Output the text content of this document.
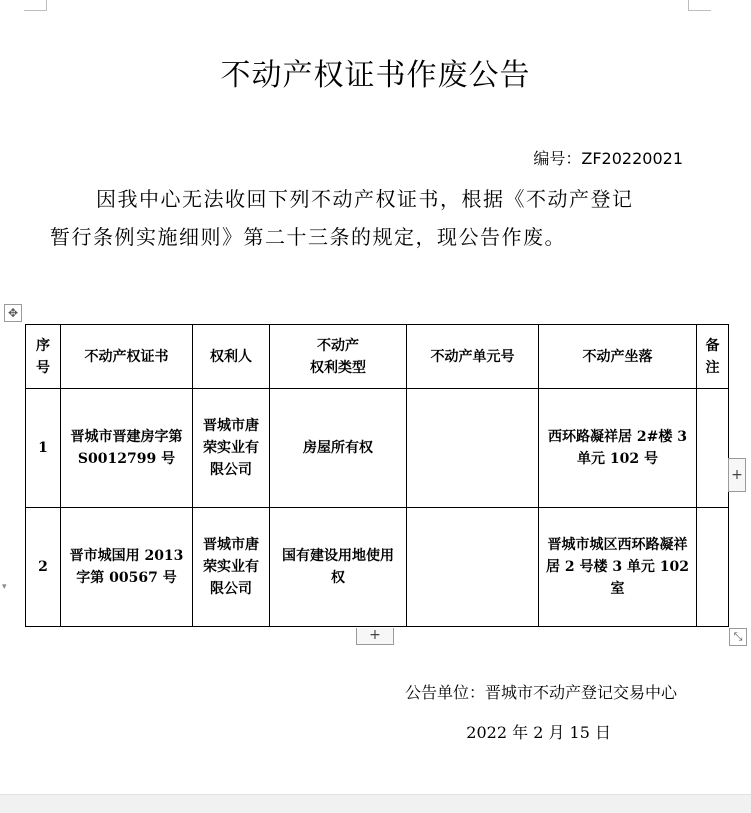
不动产权证书作废公告
编号：ZF20220021
因我中心无法收回下列不动产权证书，根据《不动产登记
暂行条例实施细则》第二十三条的规定，现公告作废。
✥
序号	不动产权证书	权利人	不动产
权利类型	不动产单元号	不动产坐落	备注
1	晋城市晋建房字第 S0012799 号	晋城市唐荣实业有限公司	房屋所有权		西环路凝祥居 2#楼 3 单元 102 号	
2	晋市城国用 2013 字第 00567 号	晋城市唐荣实业有限公司	国有建设用地使用权		晋城市城区西环路凝祥居 2 号楼 3 单元 102 室	
+
+	⤡
▾
公告单位：晋城市不动产登记交易中心
2022 年 2 月 15 日
